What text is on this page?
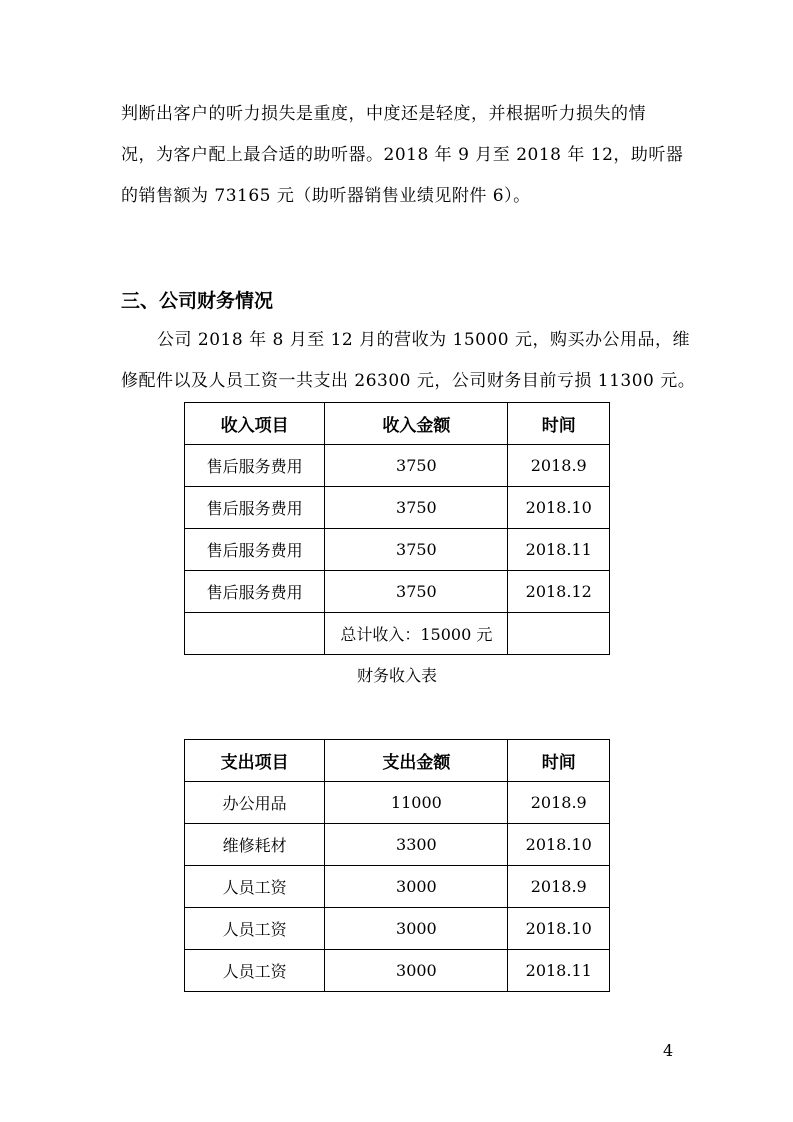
判断出客户的听力损失是重度，中度还是轻度，并根据听力损失的情
况，为客户配上最合适的助听器。2018 年 9 月至 2018 年 12，助听器
的销售额为 73165 元（助听器销售业绩见附件 6）。
三、公司财务情况
公司 2018 年 8 月至 12 月的营收为 15000 元，购买办公用品，维
修配件以及人员工资一共支出 26300 元，公司财务目前亏损 11300 元。
收入项目	收入金额	时间
售后服务费用	3750	2018.9
售后服务费用	3750	2018.10
售后服务费用	3750	2018.11
售后服务费用	3750	2018.12
	总计收入：15000 元	
财务收入表
支出项目	支出金额	时间
办公用品	11000	2018.9
维修耗材	3300	2018.10
人员工资	3000	2018.9
人员工资	3000	2018.10
人员工资	3000	2018.11
4
